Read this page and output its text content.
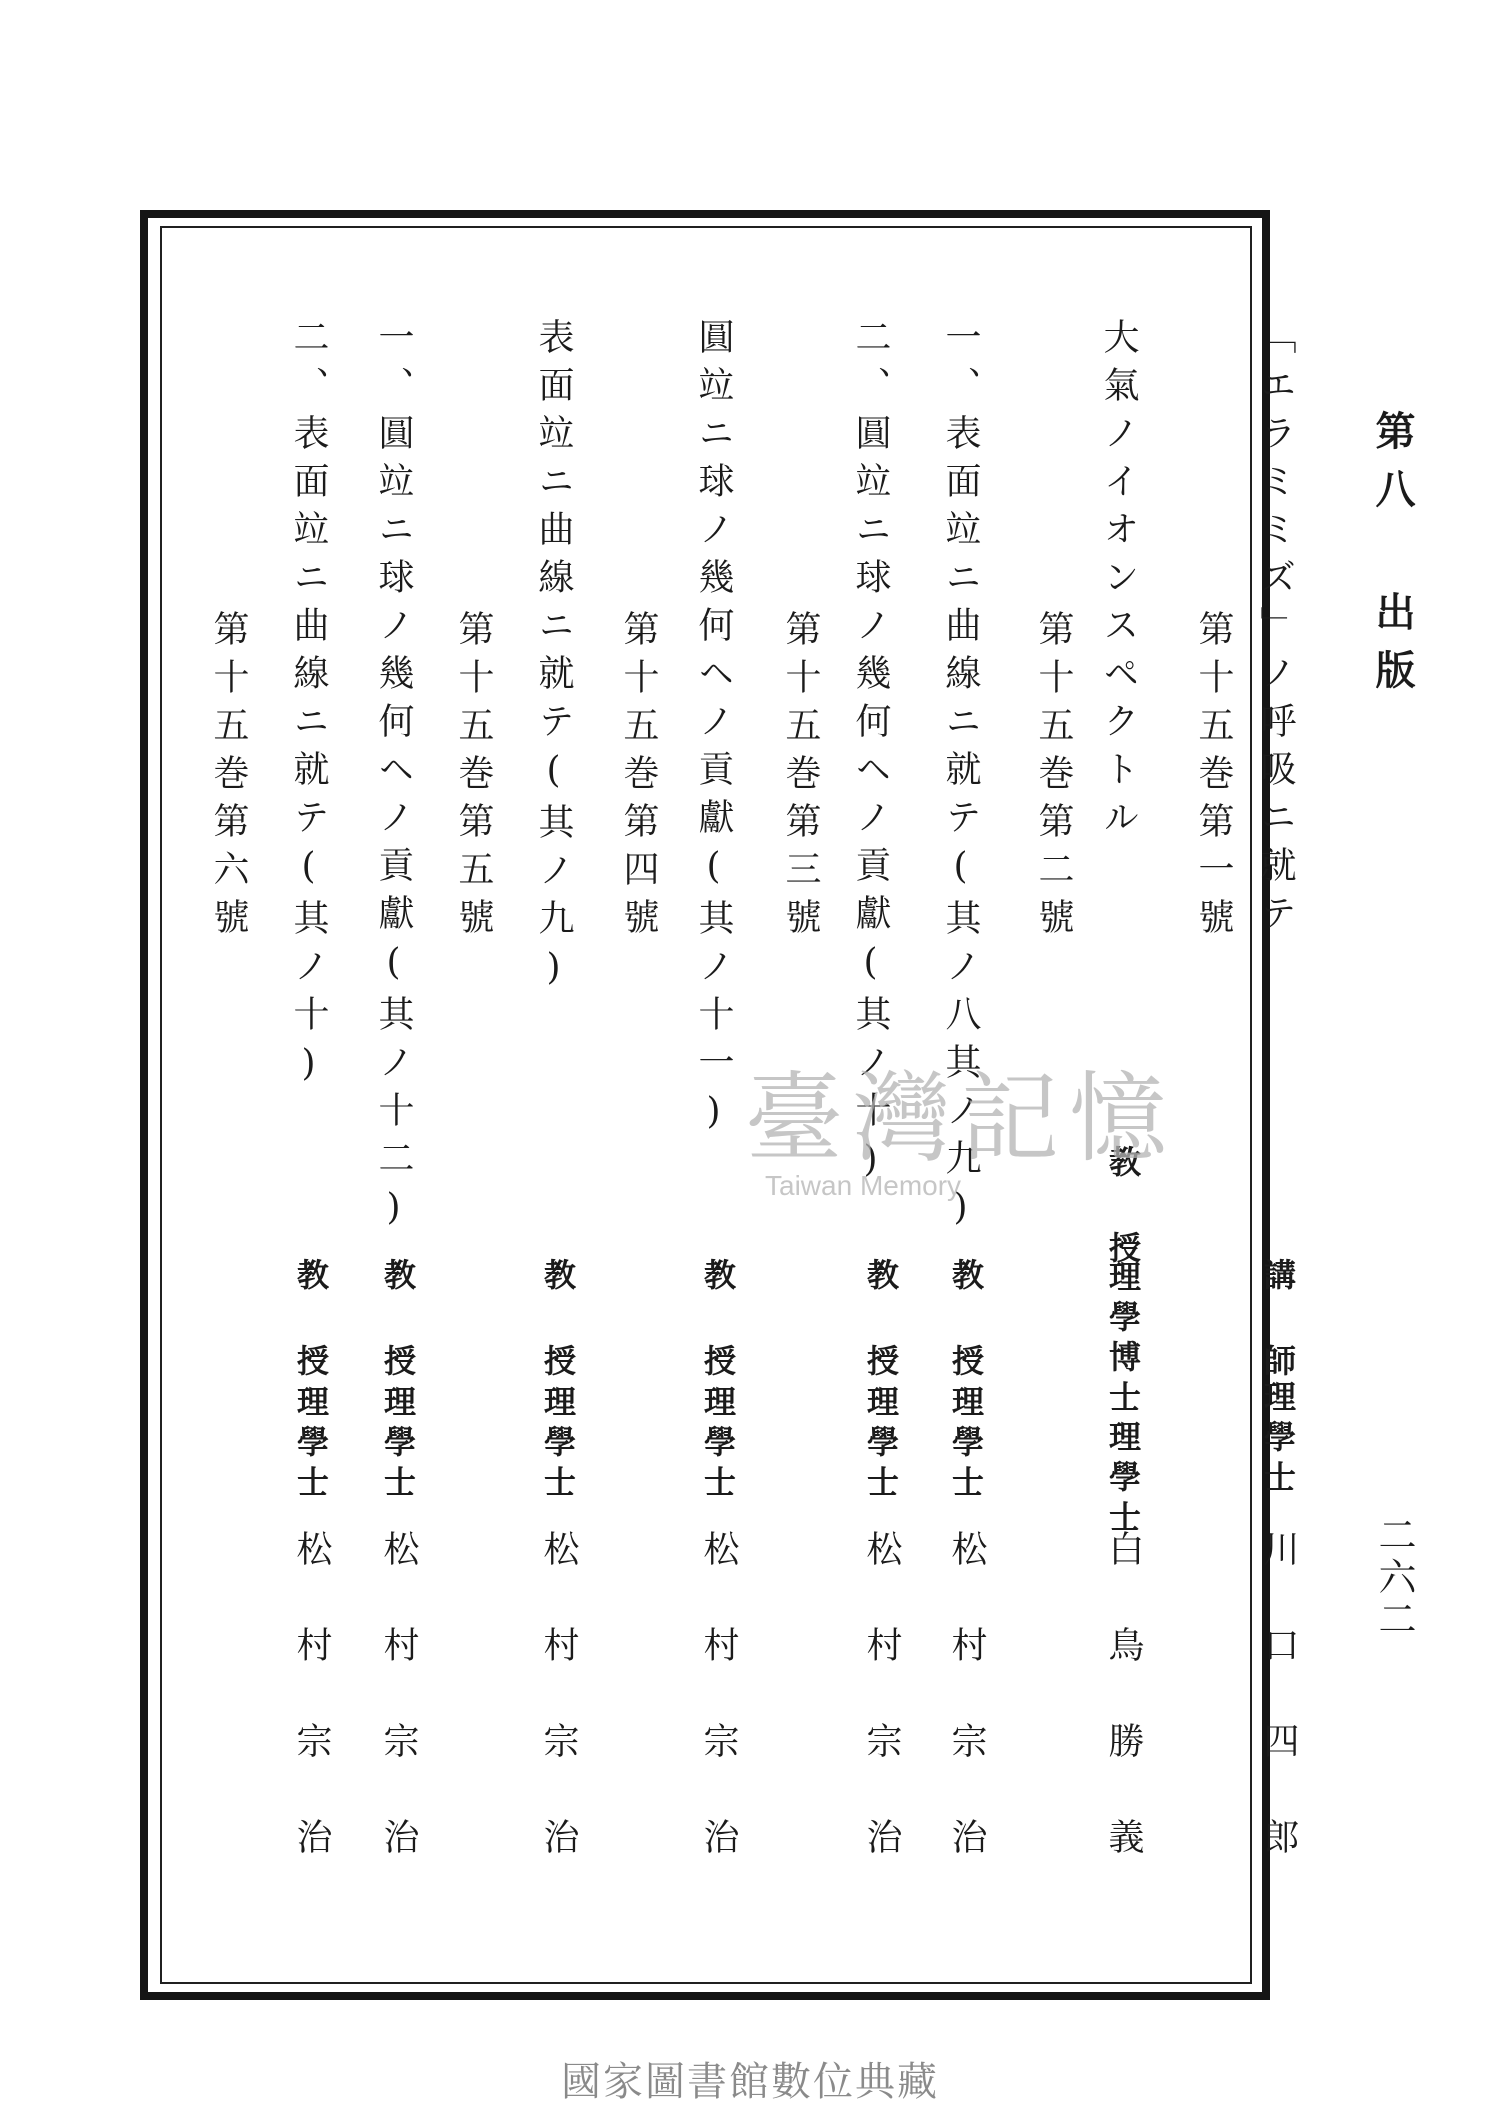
第八 出版
二六二
「エラミミズ」ノ呼吸ニ就テ
第十五巻第一號
講 師
理學士
川口四郎
大氣ノイオンスペクトル
第十五巻第二號
教 授
理學博士理學士
白鳥勝義
一、表面竝ニ曲線ニ就テ(其ノ八其ノ九)
教 授
理學士
松村宗治
二、圓竝ニ球ノ幾何ヘノ貢獻(其ノ十)
第十五巻第三號
教 授
理學士
松村宗治
圓竝ニ球ノ幾何ヘノ貢獻(其ノ十一)
第十五巻第四號
教 授
理學士
松村宗治
表面竝ニ曲線ニ就テ(其ノ九)
第十五巻第五號
教 授
理學士
松村宗治
一、圓竝ニ球ノ幾何ヘノ貢獻(其ノ十二)
教 授
理學士
松村宗治
二、表面竝ニ曲線ニ就テ(其ノ十)
第十五巻第六號
教 授
理學士
松村宗治
臺灣記憶
Taiwan Memory
國家圖書館數位典藏
